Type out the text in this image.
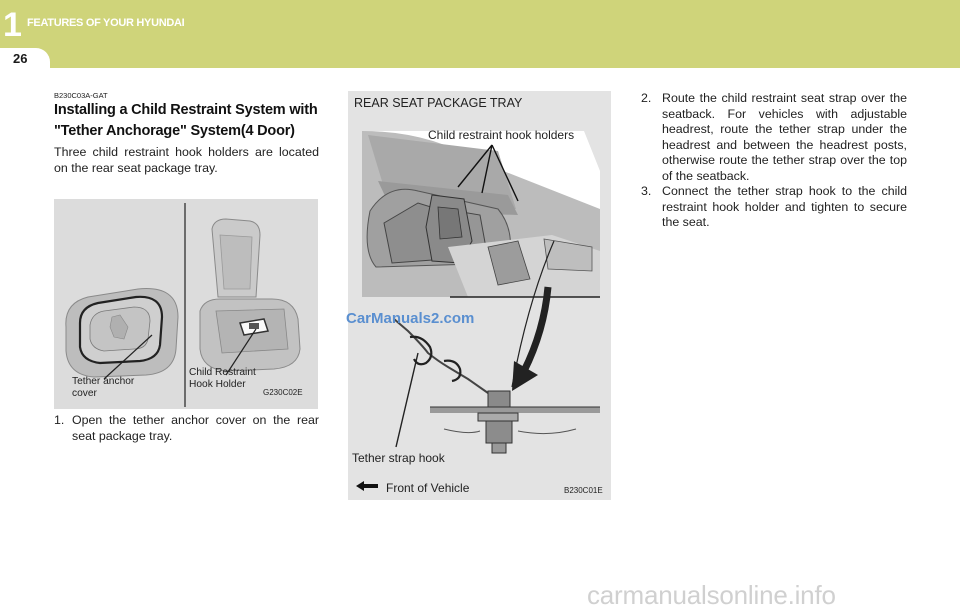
1 FEATURES OF YOUR HYUNDAI
26
B230C03A-GAT
Installing a Child Restraint System with
"Tether Anchorage" System(4 Door)
Three child restraint hook holders are located on the rear seat package tray.
Tether anchor
cover
Child Restraint
Hook Holder
G230C02E
1. Open the tether anchor cover on the rear seat package tray.
REAR SEAT PACKAGE TRAY
Child restraint hook holders
Tether strap hook
Front of Vehicle	B230C01E
CarManuals2.com
2. Route the child restraint seat strap over the seatback. For vehicles with adjustable headrest, route the tether strap under the headrest and between the headrest posts, otherwise route the tether strap over the top of the seatback.
3. Connect the tether strap hook to the child restraint hook holder and tighten to secure the seat.
carmanualsonline.info
